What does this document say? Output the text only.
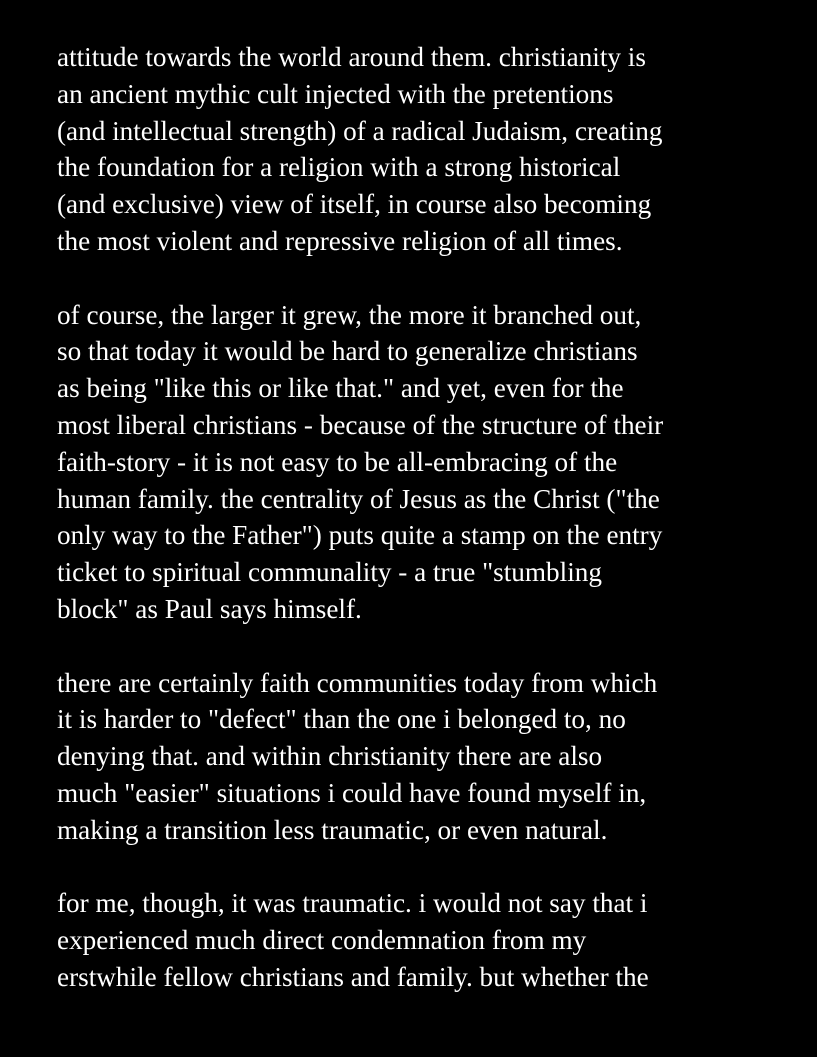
attitude towards the world around them. christianity is
an ancient mythic cult injected with the pretentions
(and intellectual strength) of a radical Judaism, creating
the foundation for a religion with a strong historical
(and exclusive) view of itself, in course also becoming
the most violent and repressive religion of all times.
of course, the larger it grew, the more it branched out,
so that today it would be hard to generalize christians
as being "like this or like that." and yet, even for the
most liberal christians - because of the structure of their
faith-story - it is not easy to be all-embracing of the
human family. the centrality of Jesus as the Christ ("the
only way to the Father") puts quite a stamp on the entry
ticket to spiritual communality - a true "stumbling
block" as Paul says himself.
there are certainly faith communities today from which
it is harder to "defect" than the one i belonged to, no
denying that. and within christianity there are also
much "easier" situations i could have found myself in,
making a transition less traumatic, or even natural.
for me, though, it was traumatic. i would not say that i
experienced much direct condemnation from my
erstwhile fellow christians and family. but whether the
